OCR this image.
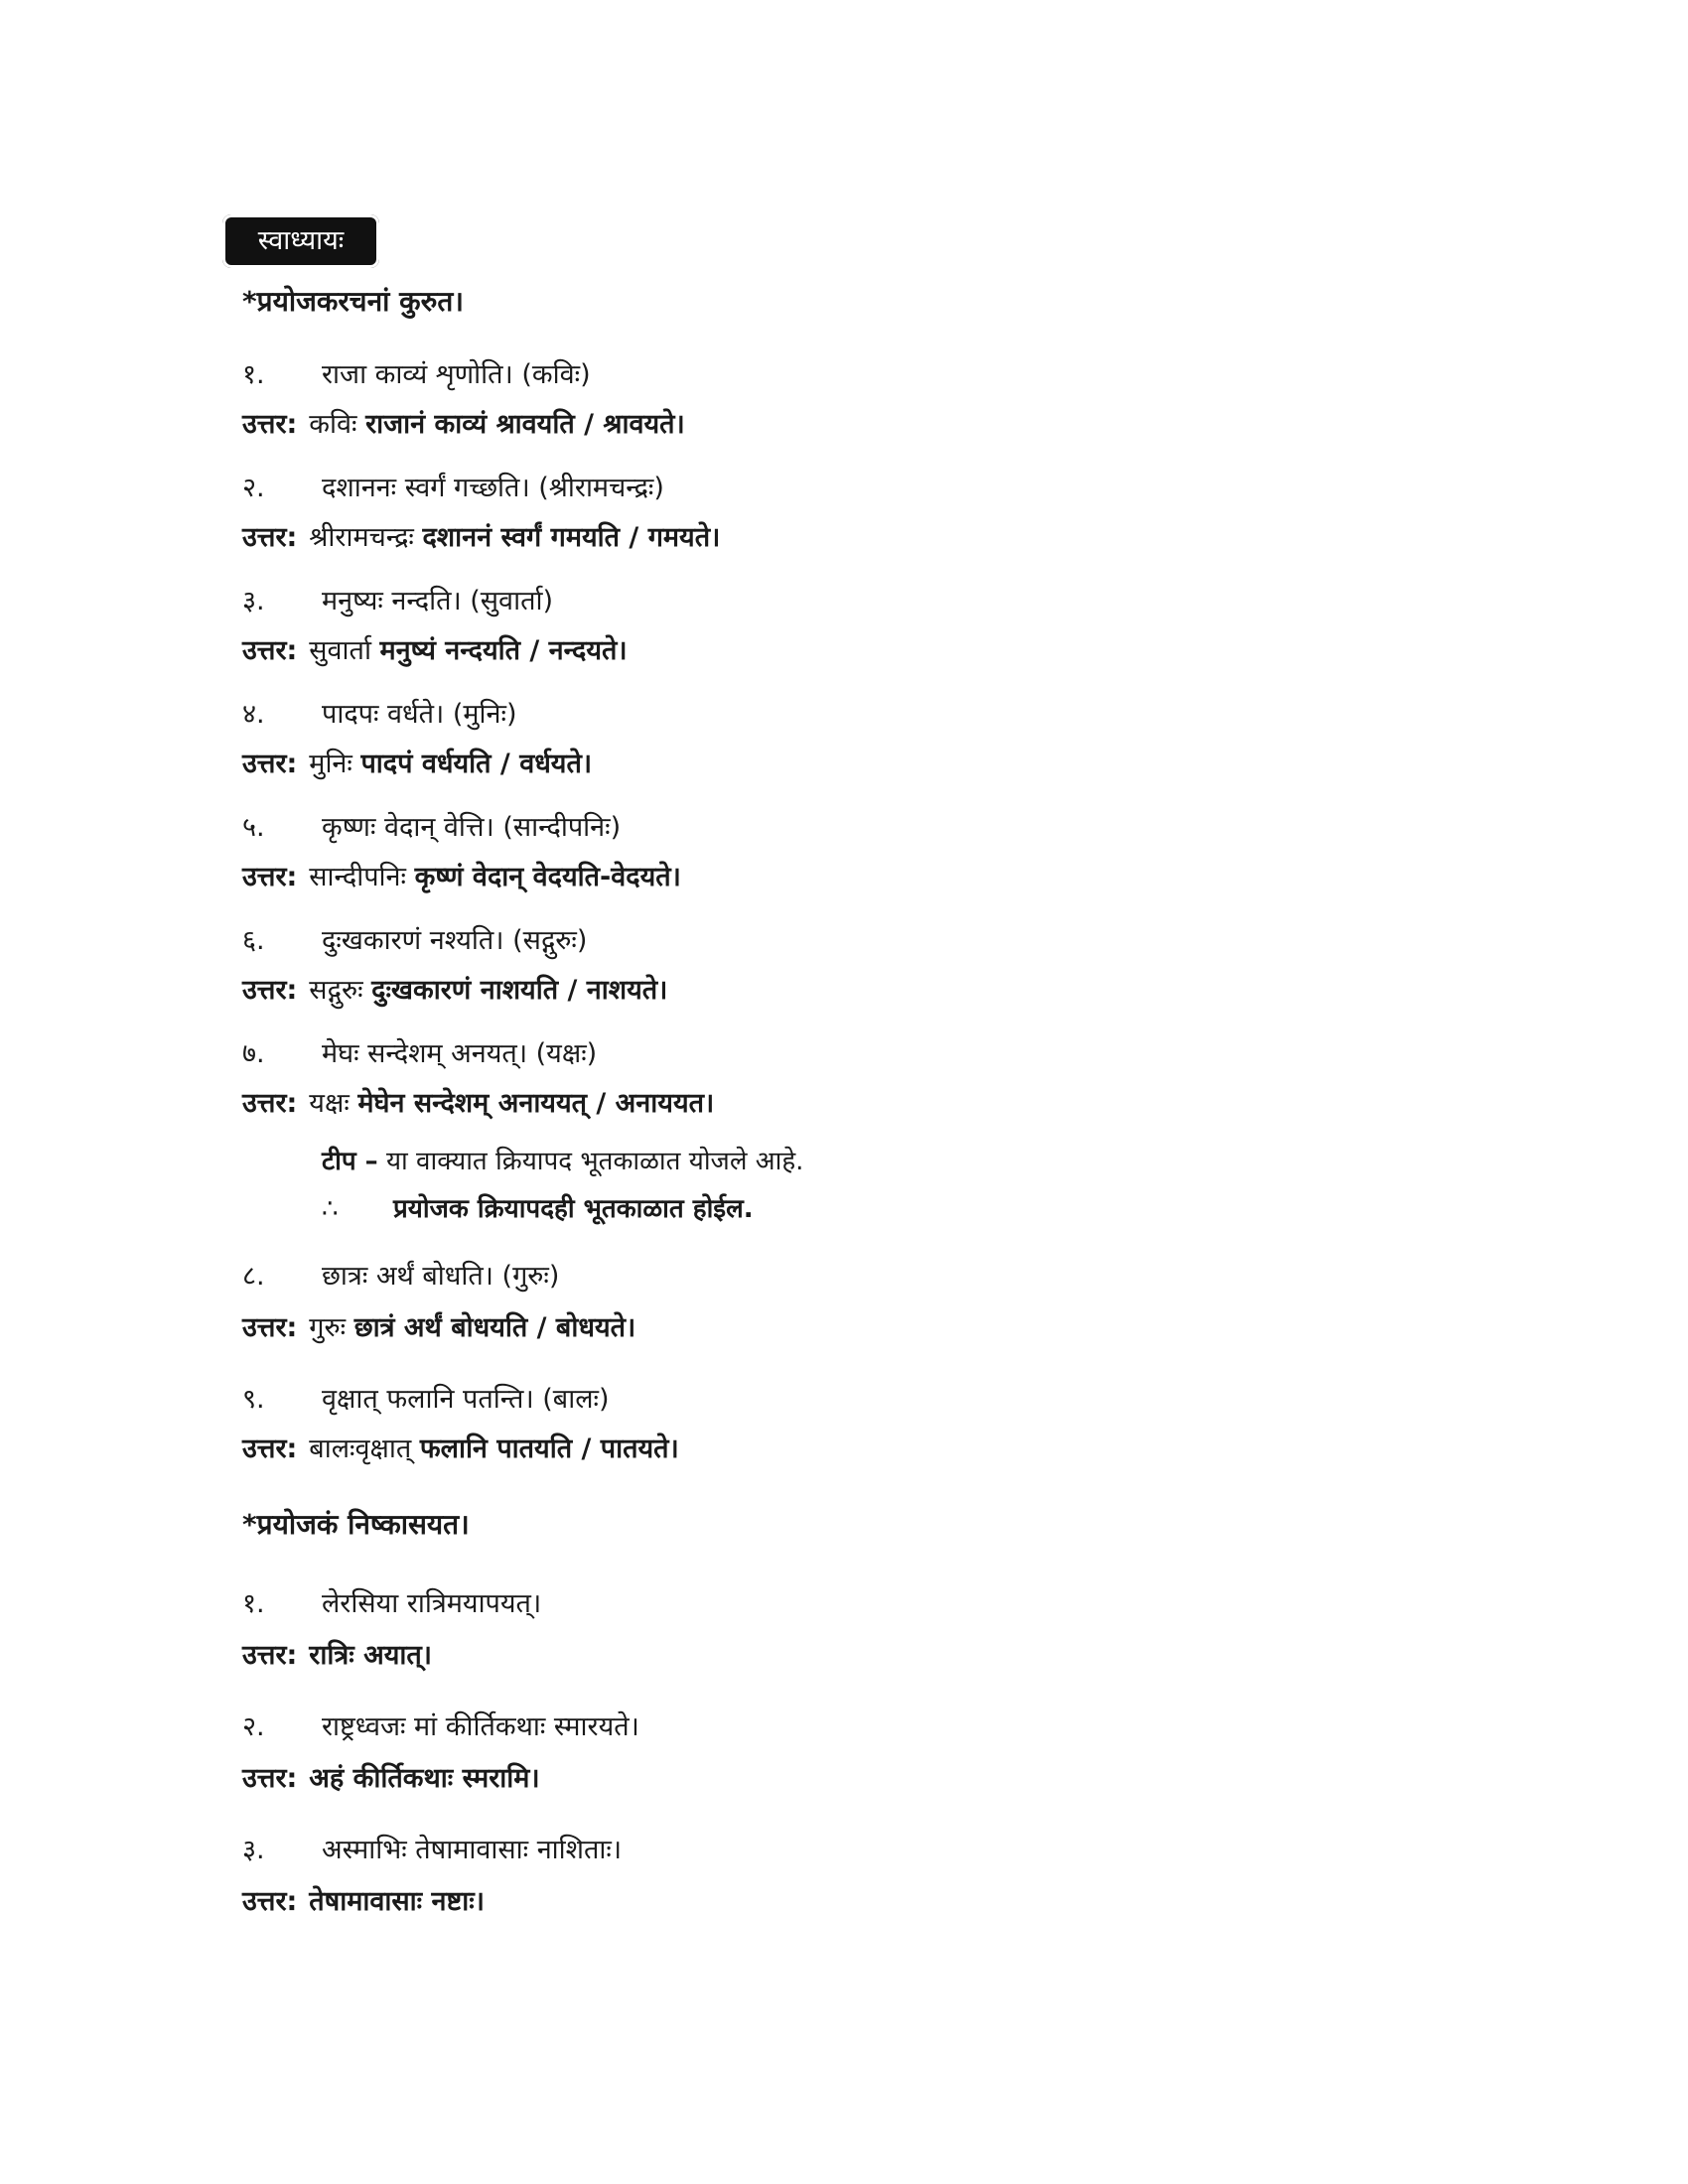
स्वाध्यायः
*प्रयोजकरचनां कुरुत।
१. राजा काव्यं शृणोति। (कविः)
उत्तर: कविः राजानं काव्यं श्रावयति / श्रावयते।
२. दशाननः स्वर्गं गच्छति। (श्रीरामचन्द्रः)
उत्तर: श्रीरामचन्द्रः दशाननं स्वर्गं गमयति / गमयते।
३. मनुष्यः नन्दति। (सुवार्ता)
उत्तर: सुवार्ता मनुष्यं नन्दयति / नन्दयते।
४. पादपः वर्धते। (मुनिः)
उत्तर: मुनिः पादपं वर्धयति / वर्धयते।
५. कृष्णः वेदान् वेत्ति। (सान्दीपनिः)
उत्तर: सान्दीपनिः कृष्णं वेदान् वेदयति-वेदयते।
६. दुःखकारणं नश्यति। (सद्गुरुः)
उत्तर: सद्गुरुः दुःखकारणं नाशयति / नाशयते।
७. मेघः सन्देशम् अनयत्। (यक्षः)
उत्तर: यक्षः मेघेन सन्देशम् अनाययत् / अनाययत।
टीप – या वाक्यात क्रियापद भूतकाळात योजले आहे.
∴ प्रयोजक क्रियापदही भूतकाळात होईल.
८. छात्रः अर्थं बोधति। (गुरुः)
उत्तर: गुरुः छात्रं अर्थं बोधयति / बोधयते।
९. वृक्षात् फलानि पतन्ति। (बालः)
उत्तर: बालःवृक्षात् फलानि पातयति / पातयते।
*प्रयोजकं निष्कासयत।
१. लेरसिया रात्रिमयापयत्।
उत्तर: रात्रिः अयात्।
२. राष्ट्रध्वजः मां कीर्तिकथाः स्मारयते।
उत्तर: अहं कीर्तिकथाः स्मरामि।
३. अस्माभिः तेषामावासाः नाशिताः।
उत्तर: तेषामावासाः नष्टाः।
